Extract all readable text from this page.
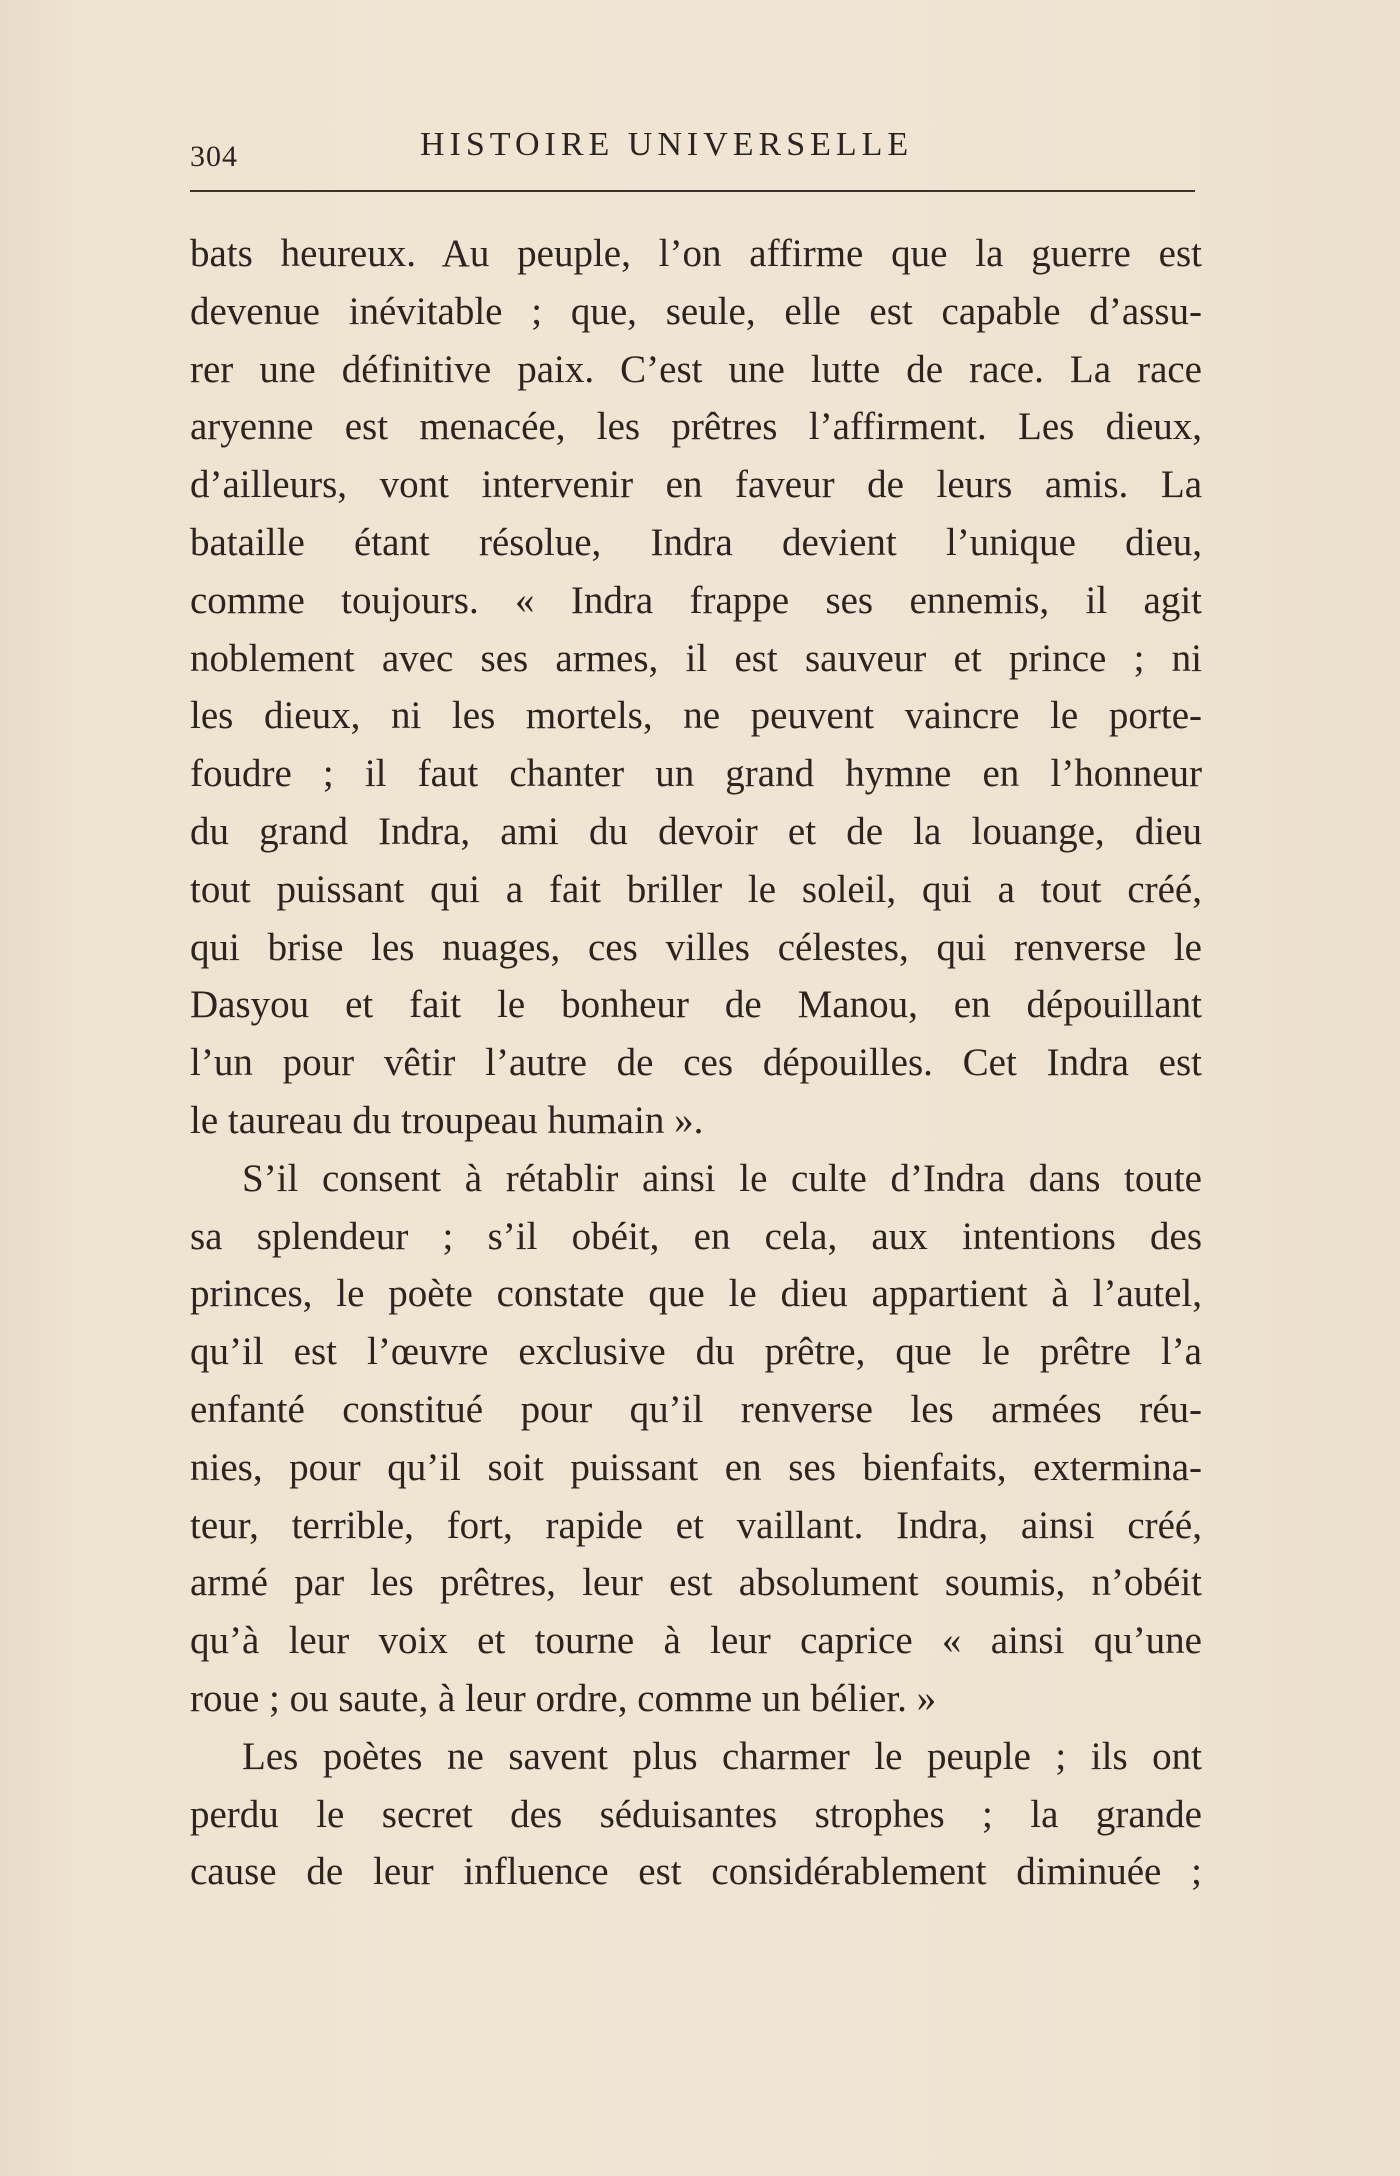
304	HISTOIRE UNIVERSELLE
bats heureux. Au peuple, l’on affirme que la guerre est
devenue inévitable ; que, seule, elle est capable d’assu-
rer une définitive paix. C’est une lutte de race. La race
aryenne est menacée, les prêtres l’affirment. Les dieux,
d’ailleurs, vont intervenir en faveur de leurs amis. La
bataille étant résolue, Indra devient l’unique dieu,
comme toujours. « Indra frappe ses ennemis, il agit
noblement avec ses armes, il est sauveur et prince ; ni
les dieux, ni les mortels, ne peuvent vaincre le porte-
foudre ; il faut chanter un grand hymne en l’honneur
du grand Indra, ami du devoir et de la louange, dieu
tout puissant qui a fait briller le soleil, qui a tout créé,
qui brise les nuages, ces villes célestes, qui renverse le
Dasyou et fait le bonheur de Manou, en dépouillant
l’un pour vêtir l’autre de ces dépouilles. Cet Indra est
le taureau du troupeau humain ».
S’il consent à rétablir ainsi le culte d’Indra dans toute
sa splendeur ; s’il obéit, en cela, aux intentions des
princes, le poète constate que le dieu appartient à l’autel,
qu’il est l’œuvre exclusive du prêtre, que le prêtre l’a
enfanté constitué pour qu’il renverse les armées réu-
nies, pour qu’il soit puissant en ses bienfaits, extermina-
teur, terrible, fort, rapide et vaillant. Indra, ainsi créé,
armé par les prêtres, leur est absolument soumis, n’obéit
qu’à leur voix et tourne à leur caprice « ainsi qu’une
roue ; ou saute, à leur ordre, comme un bélier. »
Les poètes ne savent plus charmer le peuple ; ils ont
perdu le secret des séduisantes strophes ; la grande
cause de leur influence est considérablement diminuée ;
